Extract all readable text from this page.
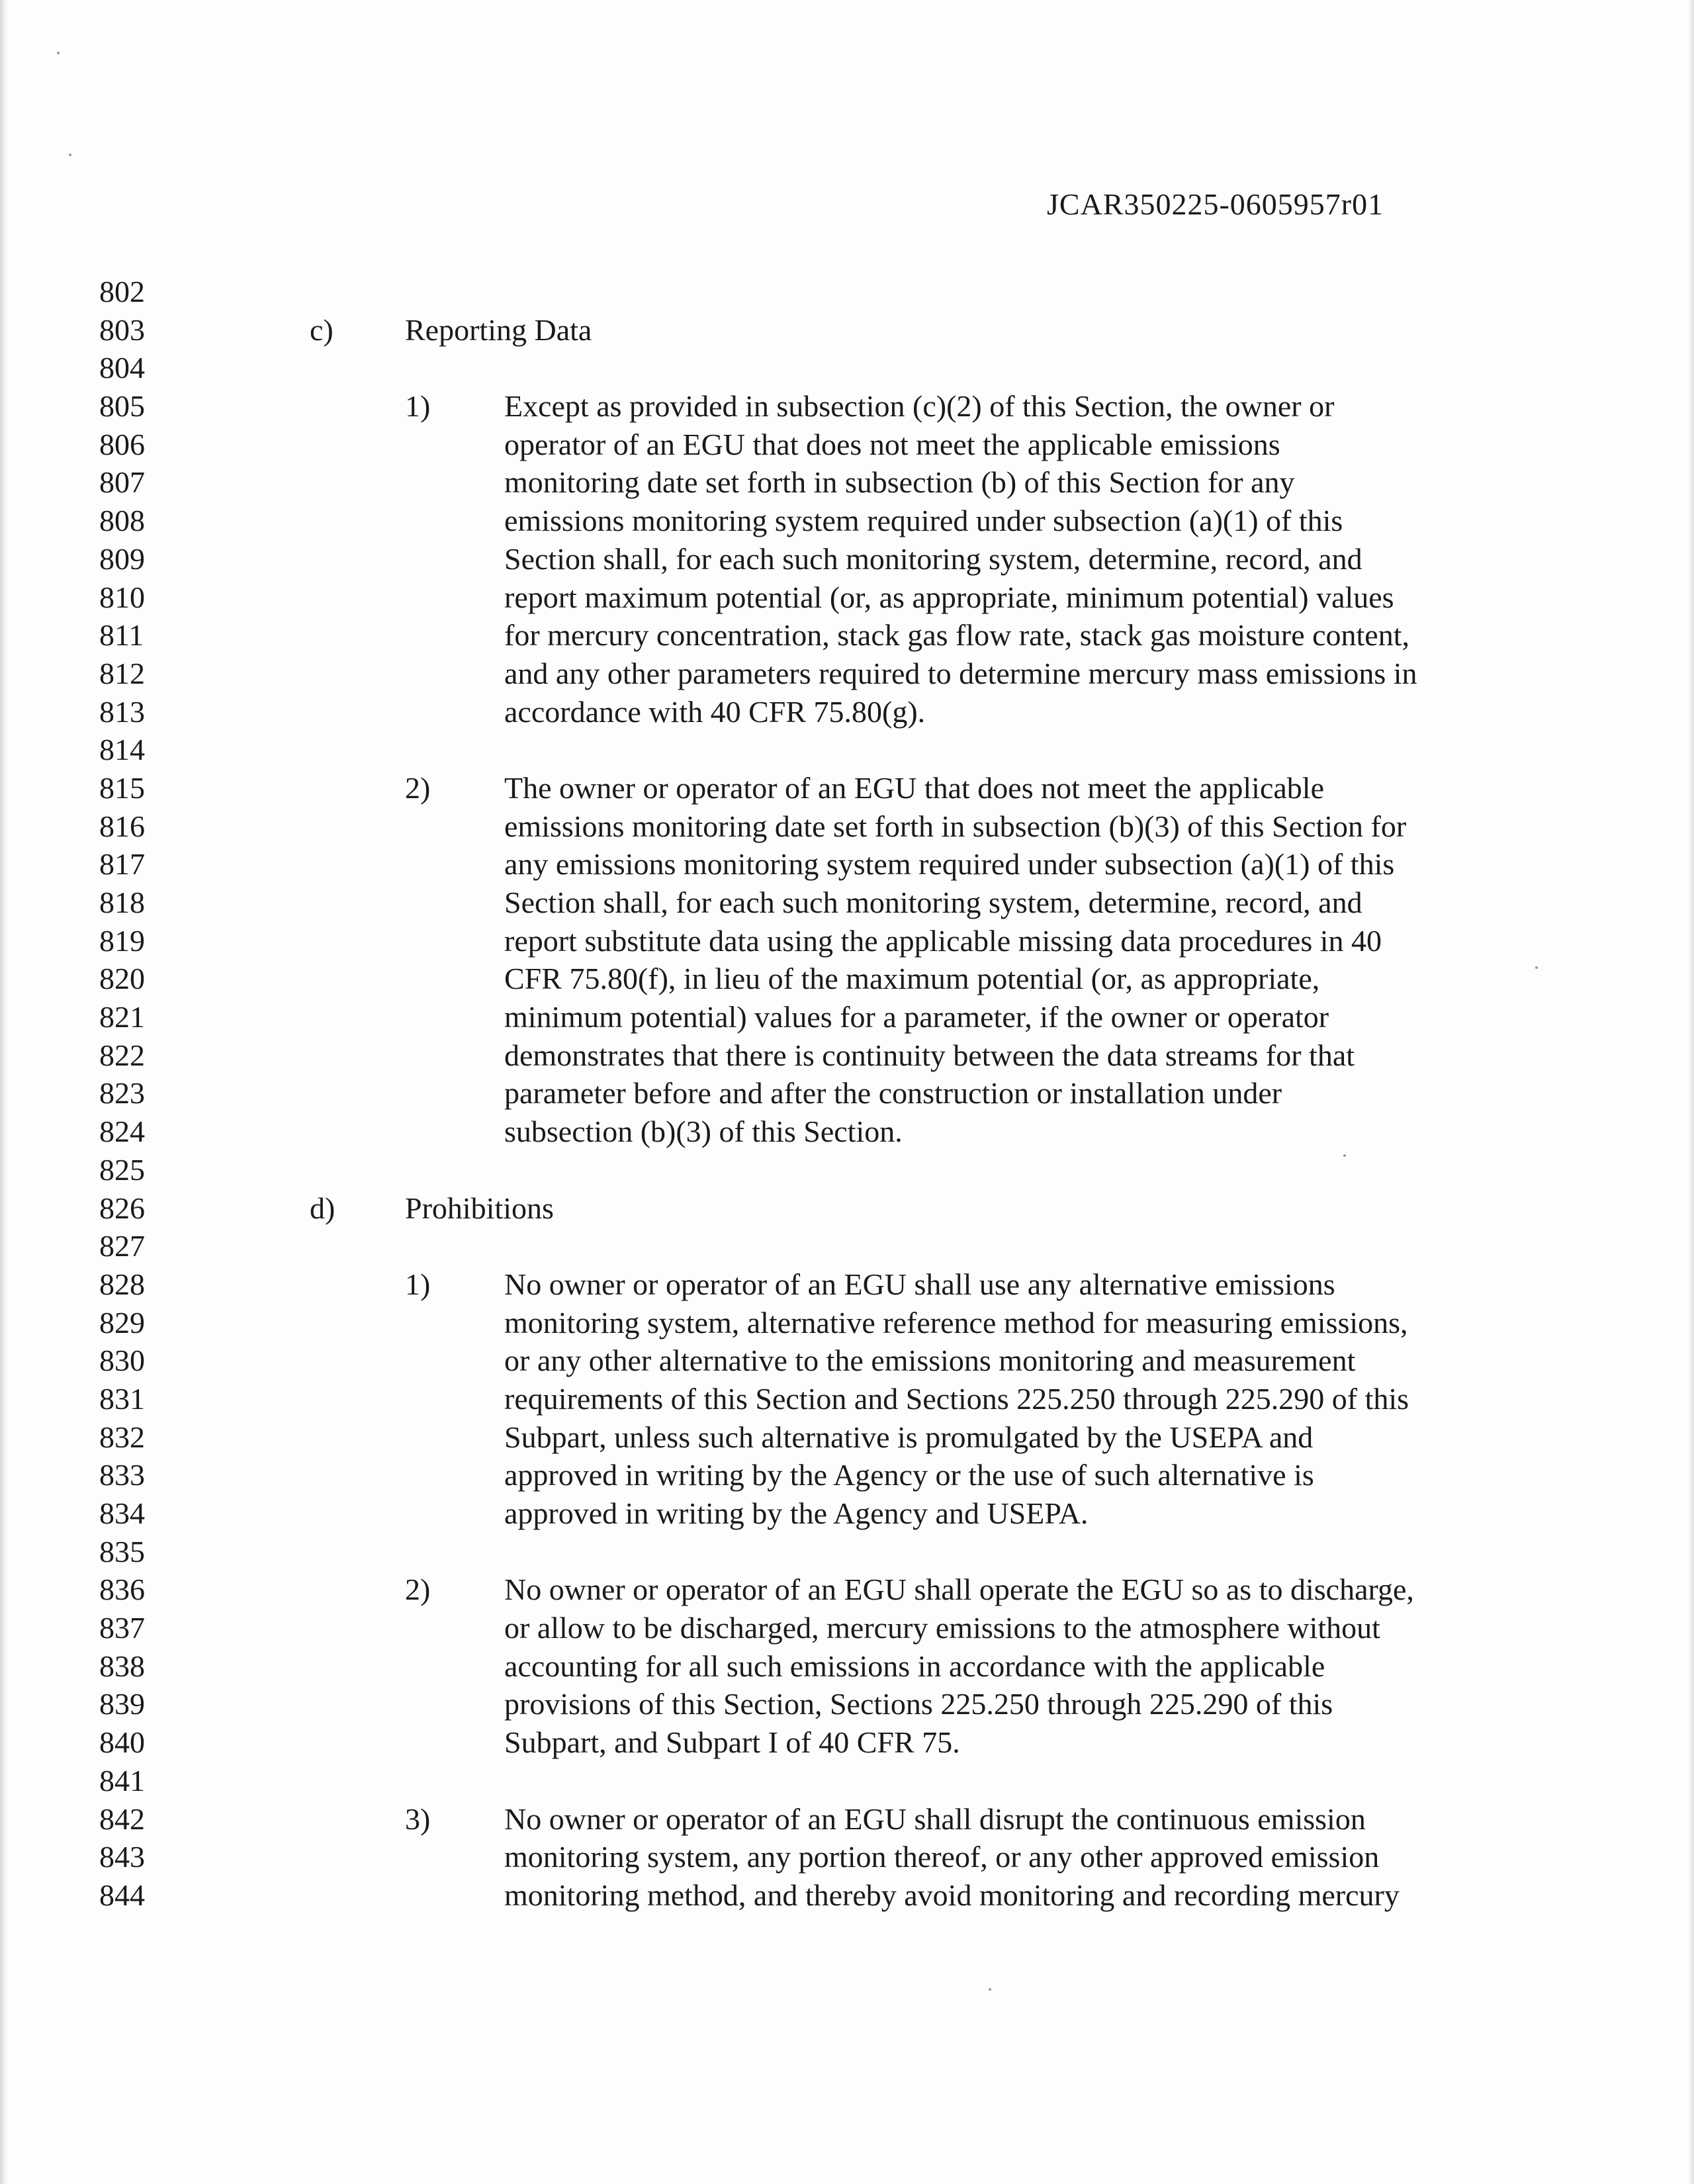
JCAR350225-0605957r01
802
803
804
805
806
807
808
809
810
811
812
813
814
815
816
817
818
819
820
821
822
823
824
825
826
827
828
829
830
831
832
833
834
835
836
837
838
839
840
841
842
843
844
c) Reporting Data
1) Except as provided in subsection (c)(2) of this Section, the owner or
operator of an EGU that does not meet the applicable emissions
monitoring date set forth in subsection (b) of this Section for any
emissions monitoring system required under subsection (a)(1) of this
Section shall, for each such monitoring system, determine, record, and
report maximum potential (or, as appropriate, minimum potential) values
for mercury concentration, stack gas flow rate, stack gas moisture content,
and any other parameters required to determine mercury mass emissions in
accordance with 40 CFR 75.80(g).
2) The owner or operator of an EGU that does not meet the applicable
emissions monitoring date set forth in subsection (b)(3) of this Section for
any emissions monitoring system required under subsection (a)(1) of this
Section shall, for each such monitoring system, determine, record, and
report substitute data using the applicable missing data procedures in 40
CFR 75.80(f), in lieu of the maximum potential (or, as appropriate,
minimum potential) values for a parameter, if the owner or operator
demonstrates that there is continuity between the data streams for that
parameter before and after the construction or installation under
subsection (b)(3) of this Section.
d) Prohibitions
1) No owner or operator of an EGU shall use any alternative emissions
monitoring system, alternative reference method for measuring emissions,
or any other alternative to the emissions monitoring and measurement
requirements of this Section and Sections 225.250 through 225.290 of this
Subpart, unless such alternative is promulgated by the USEPA and
approved in writing by the Agency or the use of such alternative is
approved in writing by the Agency and USEPA.
2) No owner or operator of an EGU shall operate the EGU so as to discharge,
or allow to be discharged, mercury emissions to the atmosphere without
accounting for all such emissions in accordance with the applicable
provisions of this Section, Sections 225.250 through 225.290 of this
Subpart, and Subpart I of 40 CFR 75.
3) No owner or operator of an EGU shall disrupt the continuous emission
monitoring system, any portion thereof, or any other approved emission
monitoring method, and thereby avoid monitoring and recording mercury
